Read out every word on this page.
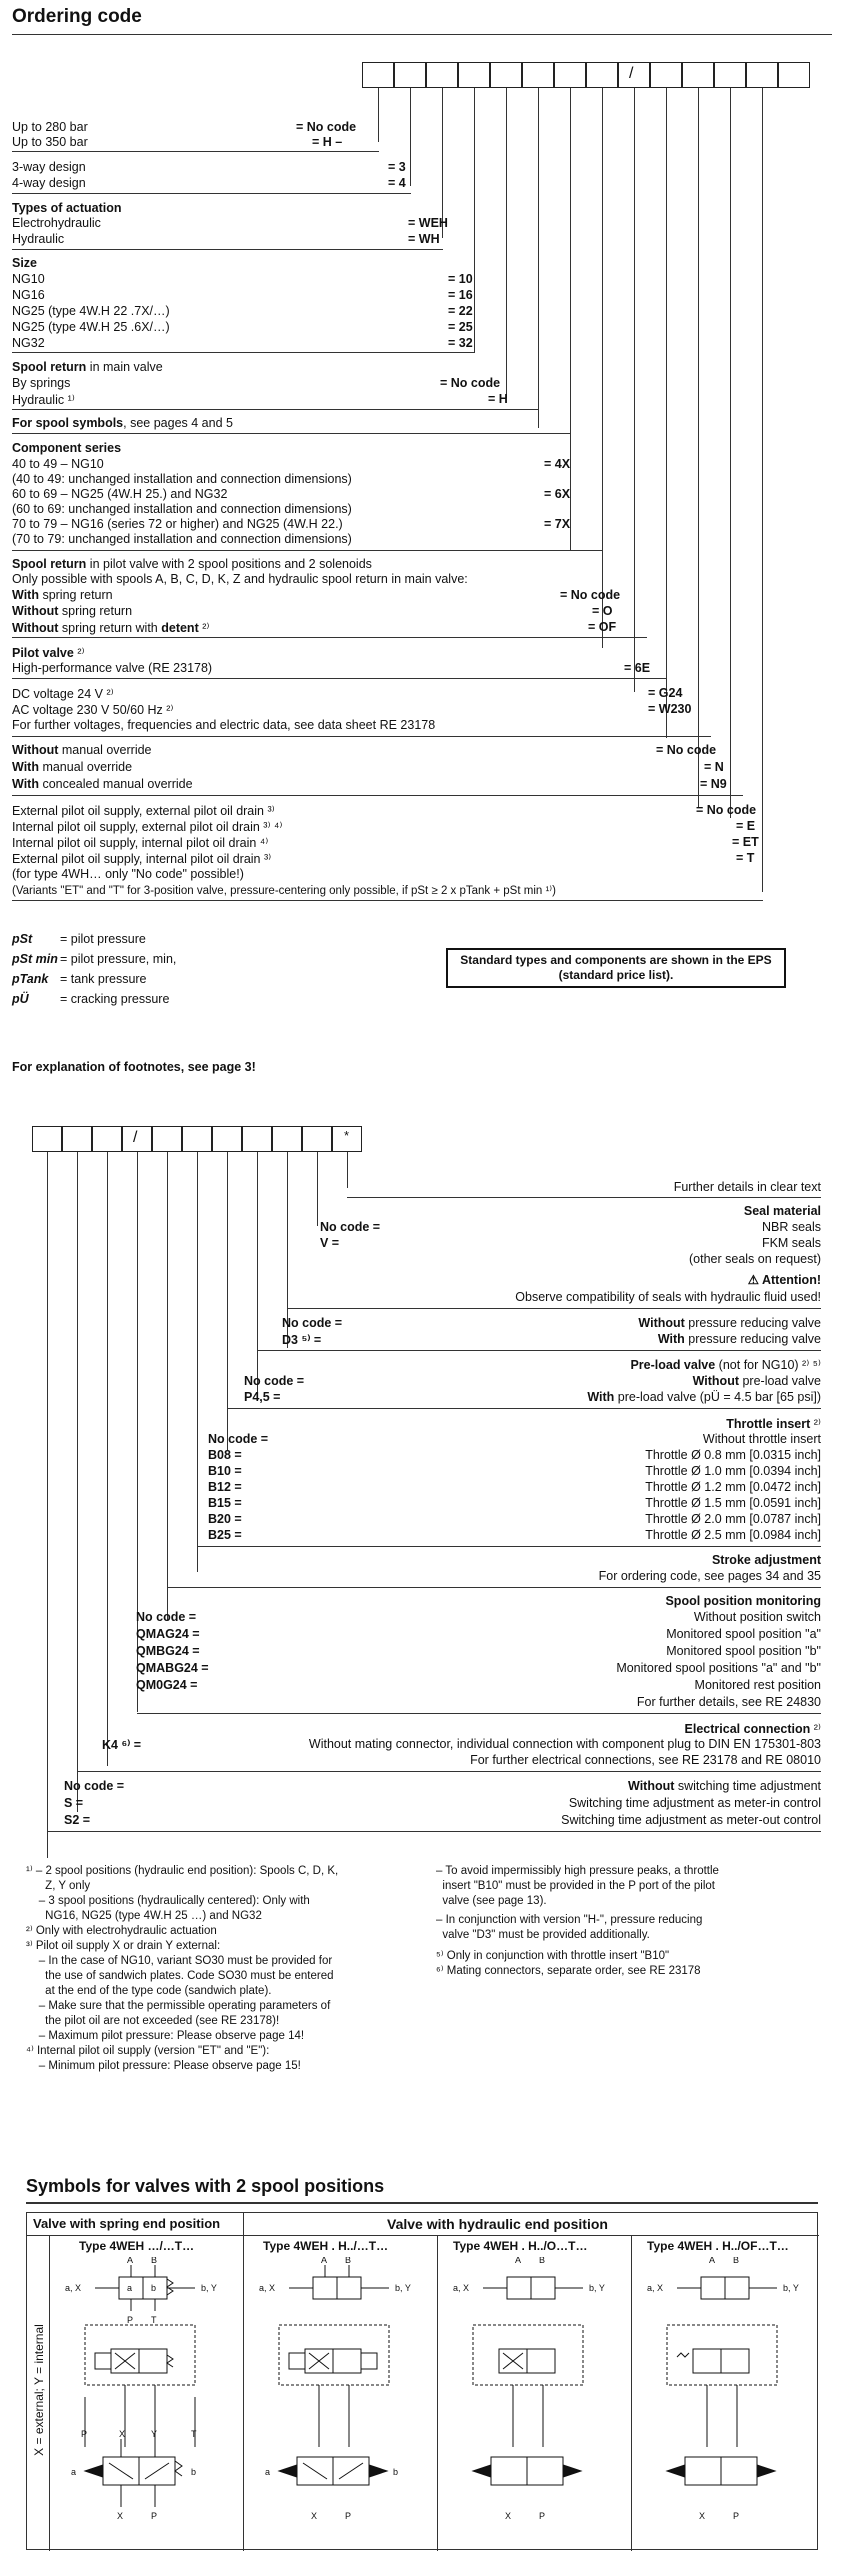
Ordering code
/
Up to 280 bar	= No code
Up to 350 bar	= H –
3-way design	= 3
4-way design	= 4
Types of actuation
Electrohydraulic	= WEH
Hydraulic	= WH
Size
NG10	= 10
NG16	= 16
NG25 (type 4W.H 22 .7X/…)	= 22
NG25 (type 4W.H 25 .6X/…)	= 25
NG32	= 32
Spool return in main valve
By springs	= No code
Hydraulic ¹⁾	= H
For spool symbols, see pages 4 and 5
Component series
40 to 49 – NG10	= 4X
(40 to 49: unchanged installation and connection dimensions)
60 to 69 – NG25 (4W.H 25.) and NG32	= 6X
(60 to 69: unchanged installation and connection dimensions)
70 to 79 – NG16 (series 72 or higher) and NG25 (4W.H 22.)	= 7X
(70 to 79: unchanged installation and connection dimensions)
Spool return in pilot valve with 2 spool positions and 2 solenoids
Only possible with spools A, B, C, D, K, Z and hydraulic spool return in main valve:
With spring return	= No code
Without spring return	= O
Without spring return with detent ²⁾	= OF
Pilot valve ²⁾
High-performance valve (RE 23178)	= 6E
DC voltage 24 V ²⁾	= G24
AC voltage 230 V 50/60 Hz ²⁾	= W230
For further voltages, frequencies and electric data, see data sheet RE 23178
Without manual override	= No code
With manual override	= N
With concealed manual override	= N9
External pilot oil supply, external pilot oil drain ³⁾	= No code
Internal pilot oil supply, external pilot oil drain ³⁾ ⁴⁾	= E
Internal pilot oil supply, internal pilot oil drain ⁴⁾	= ET
External pilot oil supply, internal pilot oil drain ³⁾	= T
(for type 4WH… only "No code" possible!)
(Variants "ET" and "T" for 3-position valve, pressure-centering only possible, if pSt ≥ 2 x pTank + pSt min ¹⁾)
pSt = pilot pressure
pSt min = pilot pressure, min,
pTank = tank pressure
pÜ	= cracking pressure
Standard types and components are shown in the EPS (standard price list).
For explanation of footnotes, see page 3!
/	*
Further details in clear text
Seal material
No code =	NBR seals
V =	FKM seals
(other seals on request)
⚠ Attention!
Observe compatibility of seals with hydraulic fluid used!
No code =	Without pressure reducing valve
D3 ⁵⁾ =	With pressure reducing valve
Pre-load valve (not for NG10) ²⁾ ⁵⁾
No code =	Without pre-load valve
P4,5 =	With pre-load valve (pÜ = 4.5 bar [65 psi])
Throttle insert ²⁾
No code =	Without throttle insert
B08 =	Throttle Ø 0.8 mm [0.0315 inch]
B10 =	Throttle Ø 1.0 mm [0.0394 inch]
B12 =	Throttle Ø 1.2 mm [0.0472 inch]
B15 =	Throttle Ø 1.5 mm [0.0591 inch]
B20 =	Throttle Ø 2.0 mm [0.0787 inch]
B25 =	Throttle Ø 2.5 mm [0.0984 inch]
Stroke adjustment
For ordering code, see pages 34 and 35
Spool position monitoring
No code =	Without position switch
QMAG24 =	Monitored spool position "a"
QMBG24 =	Monitored spool position "b"
QMABG24 =	Monitored spool positions "a" and "b"
QM0G24 =	Monitored rest position
For further details, see RE 24830
Electrical connection ²⁾
K4 ⁶⁾ =	Without mating connector, individual connection with component plug to DIN EN 175301-803
For further electrical connections, see RE 23178 and RE 08010
No code =	Without switching time adjustment
S =	Switching time adjustment as meter-in control
S2 =	Switching time adjustment as meter-out control
¹⁾ – 2 spool positions (hydraulic end position): Spools C, D, K,
Z, Y only
– 3 spool positions (hydraulically centered): Only with
NG16, NG25 (type 4W.H 25 …) and NG32
²⁾ Only with electrohydraulic actuation
³⁾ Pilot oil supply X or drain Y external:
– In the case of NG10, variant SO30 must be provided for
the use of sandwich plates. Code SO30 must be entered
at the end of the type code (sandwich plate).
– Make sure that the permissible operating parameters of
the pilot oil are not exceeded (see RE 23178)!
– Maximum pilot pressure: Please observe page 14!
⁴⁾ Internal pilot oil supply (version "ET" and "E"):
– Minimum pilot pressure: Please observe page 15!
– To avoid impermissibly high pressure peaks, a throttle
insert "B10" must be provided in the P port of the pilot
valve (see page 13).
– In conjunction with version "H-", pressure reducing
valve "D3" must be provided additionally.
⁵⁾ Only in conjunction with throttle insert "B10"
⁶⁾ Mating connectors, separate order, see RE 23178
Symbols for valves with 2 spool positions
Valve with spring end position	Valve with hydraulic end position
Type 4WEH …/…T…	Type 4WEH . H../…T…	Type 4WEH . H../O…T…	Type 4WEH . H../OF…T…
X = external; Y = internal
A B
P T
a b
a, X	b, Y
P	X	Y	T
a	b
X	P
A B
a, X	b, Y
a	b
X	P
A B
a, X	b, Y
X	P
A B
a, X	b, Y
X	P
